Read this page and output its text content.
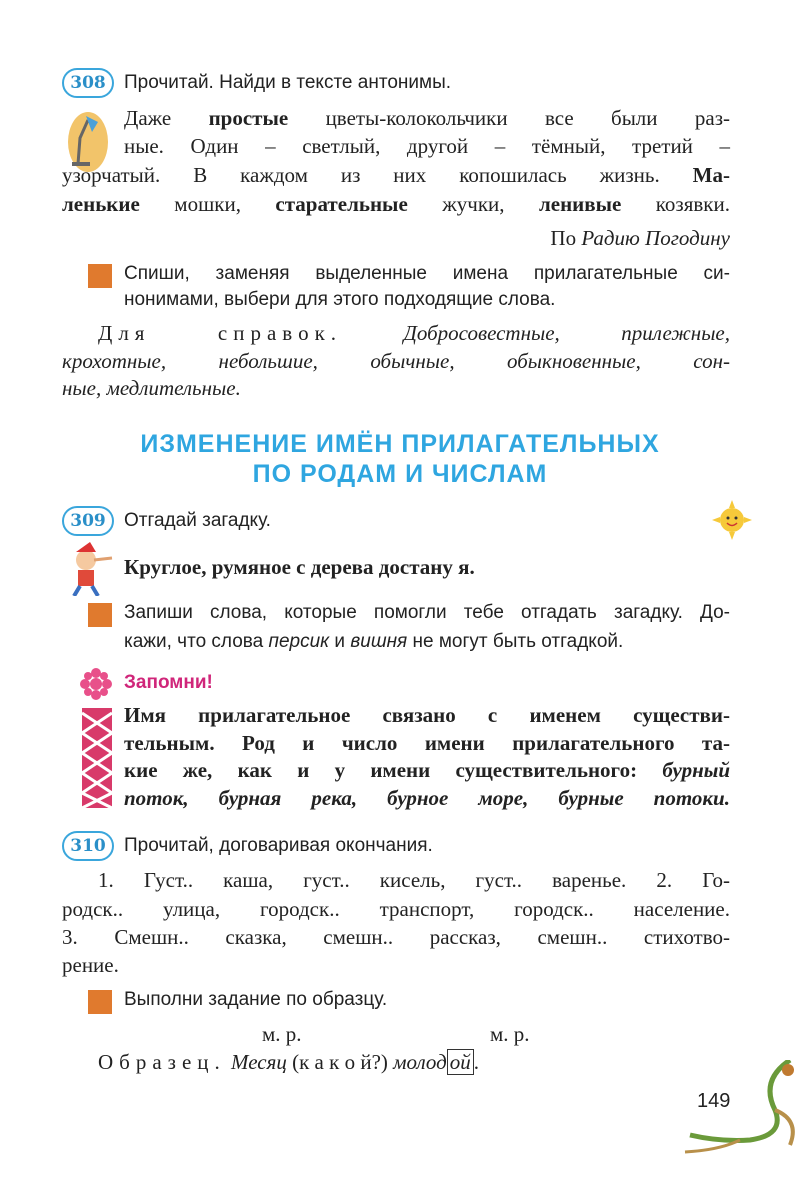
308 Прочитай. Найди в тексте антонимы.
Даже простые цветы-колокольчики все были раз-
ные. Один – светлый, другой – тёмный, третий –
узорчатый. В каждом из них копошилась жизнь. Ма-
ленькие мошки, старательные жучки, ленивые козявки.
По Радию Погодину
Спиши, заменяя выделенные имена прилагательные си-
нонимами, выбери для этого подходящие слова.
Для справок. Добросовестные, прилежные,
крохотные, небольшие, обычные, обыкновенные, сон-
ные, медлительные.
ИЗМЕНЕНИЕ ИМЁН ПРИЛАГАТЕЛЬНЫХ
ПО РОДАМ И ЧИСЛАМ
309 Отгадай загадку.
Круглое, румяное с дерева достану я.
Запиши слова, которые помогли тебе отгадать загадку. До-
кажи, что слова персик и вишня не могут быть отгадкой.
Запомни!
Имя прилагательное связано с именем существи-
тельным. Род и число имени прилагательного та-
кие же, как и у имени существительного: бурный
поток, бурная река, бурное море, бурные потоки.
310 Прочитай, договаривая окончания.
1. Густ.. каша, густ.. кисель, густ.. варенье. 2. Го-
родск.. улица, городск.. транспорт, городск.. население.
3. Смешн.. сказка, смешн.. рассказ, смешн.. стихотво-
рение.
Выполни задание по образцу.
м. р.	м. р.
Образец. Месяц (к а к о й?) молод ой .
149
